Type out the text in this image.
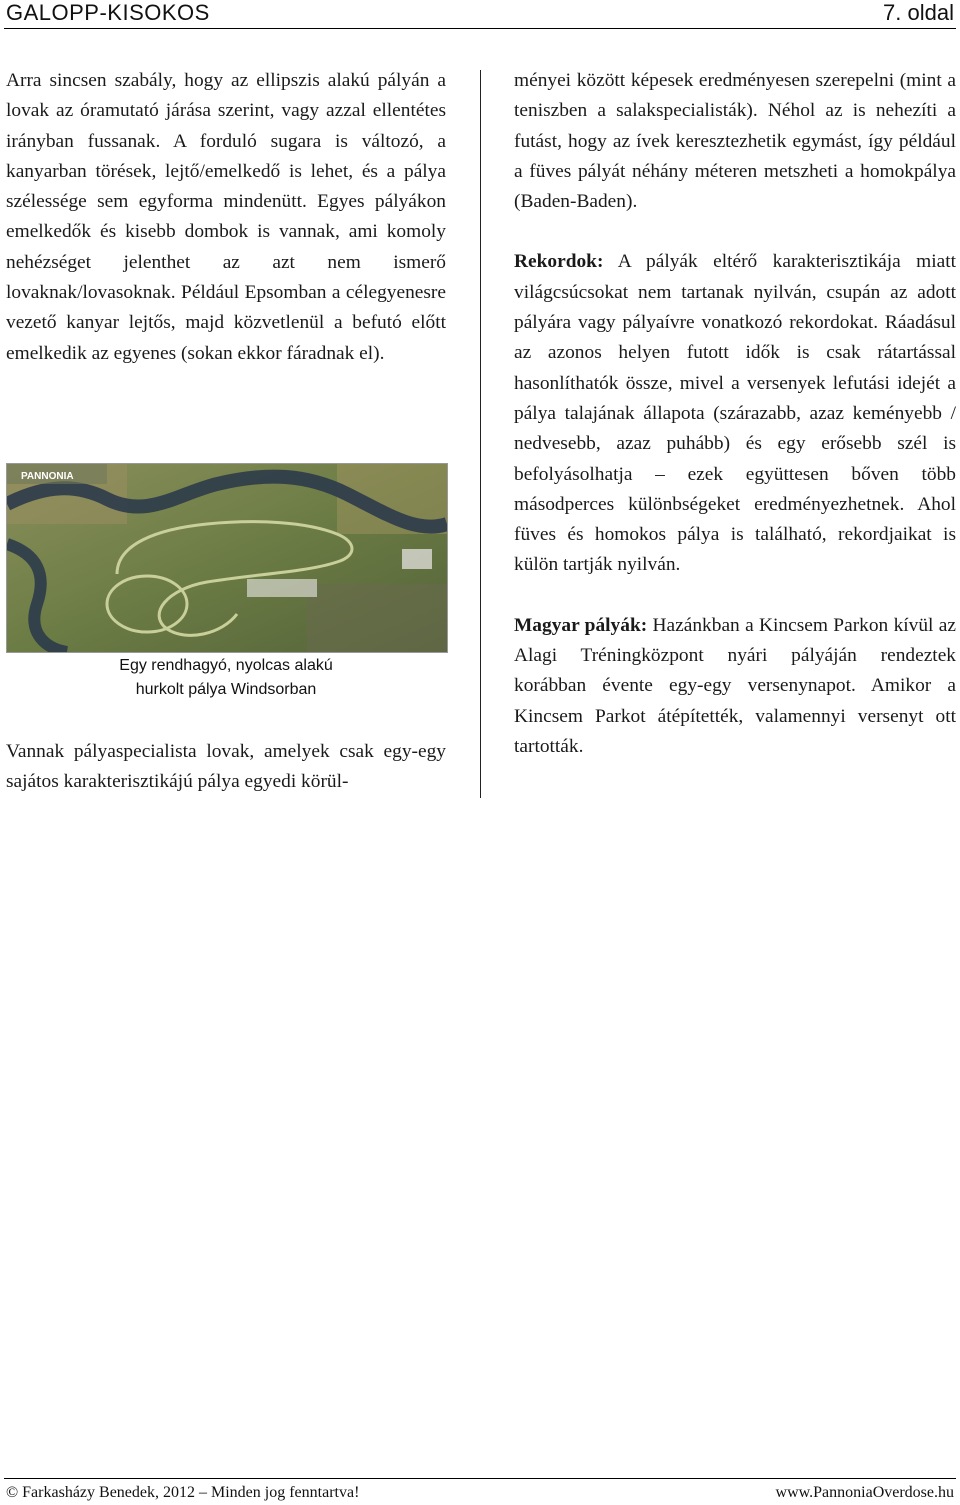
GALOPP-KISOKOS	7. oldal

Arra sincsen szabály, hogy az ellipszis alakú pályán a lovak az óramutató járása szerint, vagy azzal ellentétes irányban fussanak. A forduló sugara is változó, a kanyarban törések, lejtő/emelkedő is lehet, és a pálya szélessége sem egyforma mindenütt. Egyes pályákon emelkedők és kisebb dombok is vannak, ami komoly nehézséget jelenthet az azt nem ismerő lovaknak/lovasoknak. Például Epsomban a célegyenesre vezető kanyar lejtős, majd közvetlenül a befutó előtt emelkedik az egyenes (sokan ekkor fáradnak el).

PANNONIA
Egy rendhagyó, nyolcas alakú
hurkolt pálya Windsorban

Vannak pályaspecialista lovak, amelyek csak egy-egy sajátos karakterisztikájú pálya egyedi körül-

ményei között képesek eredményesen szerepelni (mint a teniszben a salakspecialisták). Néhol az is nehezíti a futást, hogy az ívek keresztezhetik egymást, így például a füves pályát néhány méteren metszheti a homokpálya (Baden-Baden).

Rekordok: A pályák eltérő karakterisztikája miatt világcsúcsokat nem tartanak nyilván, csupán az adott pályára vagy pályaívre vonatkozó rekordokat. Ráadásul az azonos helyen futott idők is csak rátartással hasonlíthatók össze, mivel a versenyek lefutási idejét a pálya talajának állapota (szárazabb, azaz keményebb / nedvesebb, azaz puhább) és egy erősebb szél is befolyásolhatja – ezek együttesen bőven több másodperces különbségeket eredményezhetnek. Ahol füves és homokos pálya is található, rekordjaikat is külön tartják nyilván.

Magyar pályák: Hazánkban a Kincsem Parkon kívül az Alagi Tréningközpont nyári pályáján rendeztek korábban évente egy-egy versenynapot. Amikor a Kincsem Parkot átépítették, valamennyi versenyt ott tartották.

© Farkasházy Benedek, 2012 – Minden jog fenntartva!	www.PannoniaOverdose.hu
